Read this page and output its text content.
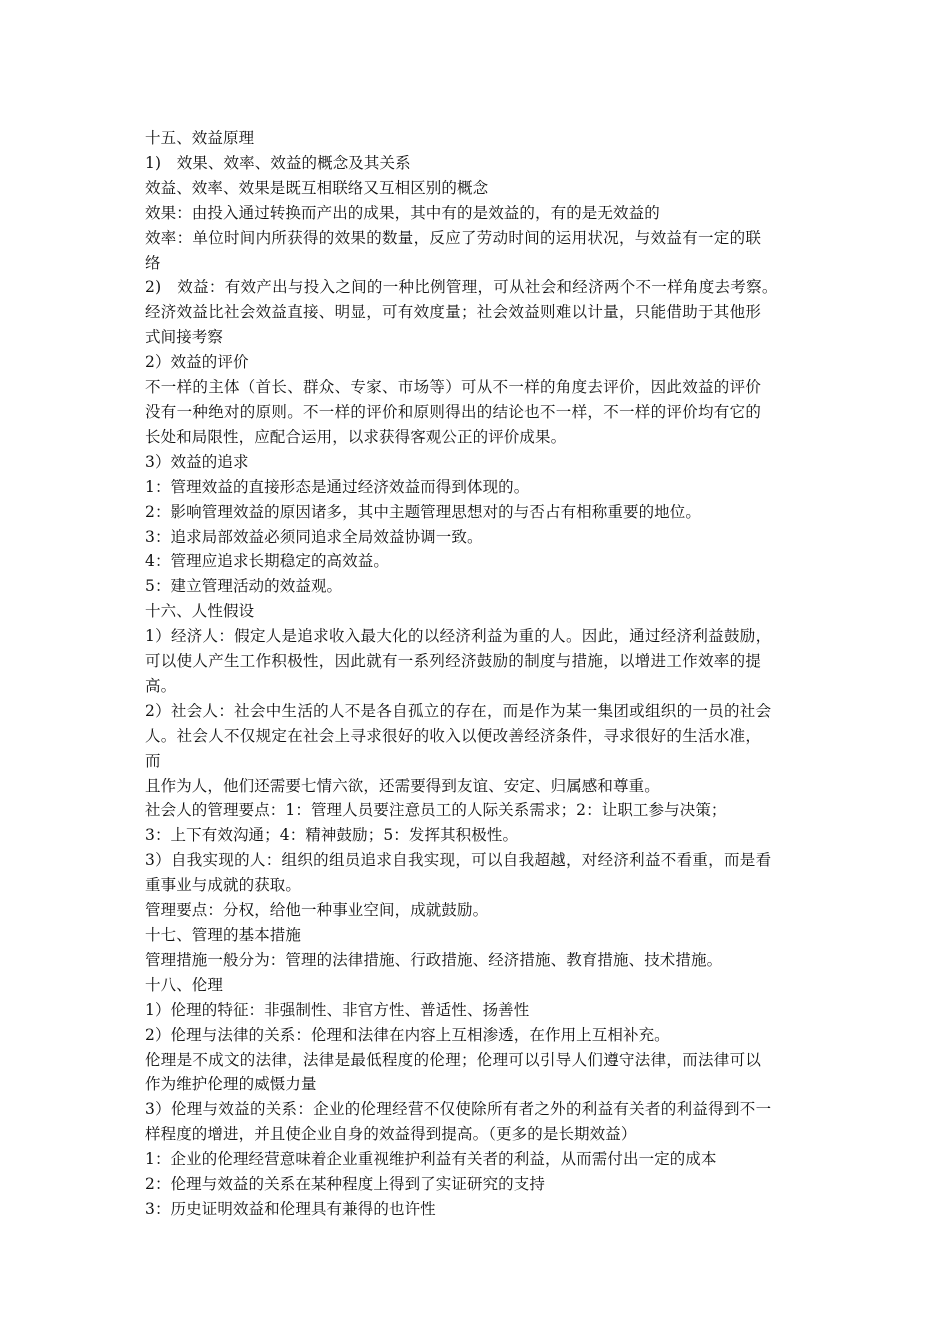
十五、效益原理
1)　效果、效率、效益的概念及其关系
效益、效率、效果是既互相联络又互相区别的概念
效果：由投入通过转换而产出的成果，其中有的是效益的，有的是无效益的
效率：单位时间内所获得的效果的数量，反应了劳动时间的运用状况，与效益有一定的联
络
2)　效益：有效产出与投入之间的一种比例管理，可从社会和经济两个不一样角度去考察。
经济效益比社会效益直接、明显，可有效度量；社会效益则难以计量，只能借助于其他形
式间接考察
2）效益的评价
不一样的主体（首长、群众、专家、市场等）可从不一样的角度去评价，因此效益的评价
没有一种绝对的原则。不一样的评价和原则得出的结论也不一样，不一样的评价均有它的
长处和局限性，应配合运用，以求获得客观公正的评价成果。
3）效益的追求
1：管理效益的直接形态是通过经济效益而得到体现的。
2：影响管理效益的原因诸多，其中主题管理思想对的与否占有相称重要的地位。
3：追求局部效益必须同追求全局效益协调一致。
4：管理应追求长期稳定的高效益。
5：建立管理活动的效益观。
十六、人性假设
1）经济人：假定人是追求收入最大化的以经济利益为重的人。因此，通过经济利益鼓励，
可以使人产生工作积极性，因此就有一系列经济鼓励的制度与措施，以增进工作效率的提
高。
2）社会人：社会中生活的人不是各自孤立的存在，而是作为某一集团或组织的一员的社会
人。社会人不仅规定在社会上寻求很好的收入以便改善经济条件，寻求很好的生活水准，
而
且作为人，他们还需要七情六欲，还需要得到友谊、安定、归属感和尊重。
社会人的管理要点：1：管理人员要注意员工的人际关系需求；2：让职工参与决策；
3：上下有效沟通；4：精神鼓励；5：发挥其积极性。
3）自我实现的人：组织的组员追求自我实现，可以自我超越，对经济利益不看重，而是看
重事业与成就的获取。
管理要点：分权，给他一种事业空间，成就鼓励。
十七、管理的基本措施
管理措施一般分为：管理的法律措施、行政措施、经济措施、教育措施、技术措施。
十八、伦理
1）伦理的特征：非强制性、非官方性、普适性、扬善性
2）伦理与法律的关系：伦理和法律在内容上互相渗透，在作用上互相补充。
伦理是不成文的法律，法律是最低程度的伦理；伦理可以引导人们遵守法律，而法律可以
作为维护伦理的威慑力量
3）伦理与效益的关系：企业的伦理经营不仅使除所有者之外的利益有关者的利益得到不一
样程度的增进，并且使企业自身的效益得到提高。（更多的是长期效益）
1：企业的伦理经营意味着企业重视维护利益有关者的利益，从而需付出一定的成本
2：伦理与效益的关系在某种程度上得到了实证研究的支持
3：历史证明效益和伦理具有兼得的也许性
